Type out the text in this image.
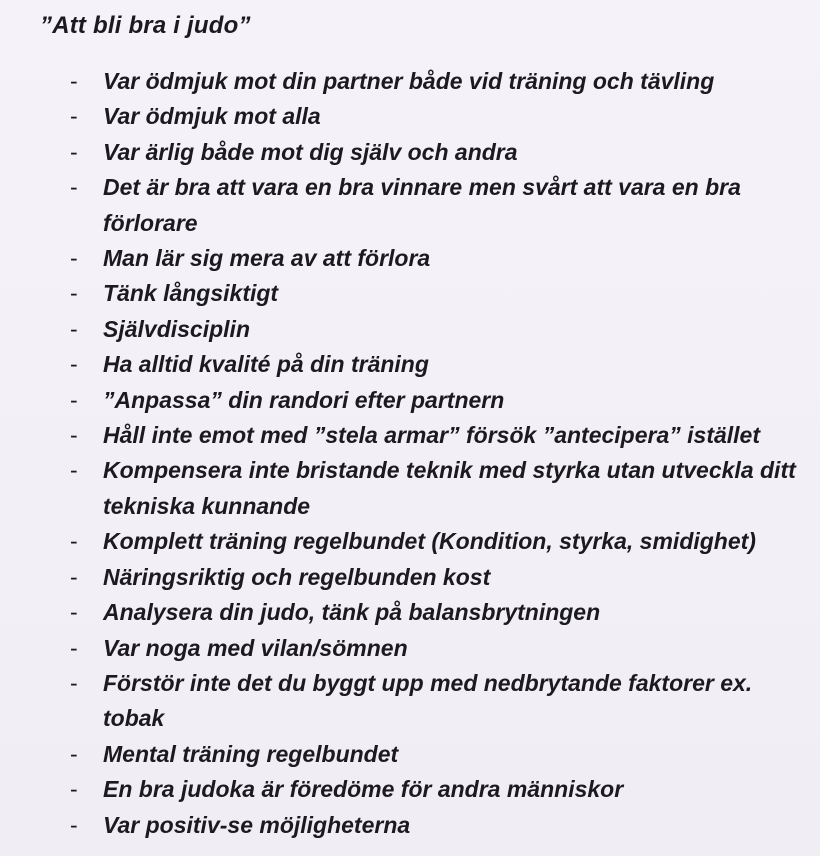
”Att bli bra i judo”
- Var ödmjuk mot din partner både vid träning och tävling
- Var ödmjuk mot alla
- Var ärlig både mot dig själv och andra
- Det är bra att vara en bra vinnare men svårt att vara en bra förlorare
- Man lär sig mera av att förlora
- Tänk långsiktigt
- Självdisciplin
- Ha alltid kvalité på din träning
- ”Anpassa” din randori efter partnern
- Håll inte emot med ”stela armar” försök ”antecipera” istället
- Kompensera inte bristande teknik med styrka utan utveckla ditt tekniska kunnande
- Komplett träning regelbundet (Kondition, styrka, smidighet)
- Näringsriktig och regelbunden kost
- Analysera din judo, tänk på balansbrytningen
- Var noga med vilan/sömnen
- Förstör inte det du byggt upp med nedbrytande faktorer ex. tobak
- Mental träning regelbundet
- En bra judoka är föredöme för andra människor
- Var positiv-se möjligheterna
